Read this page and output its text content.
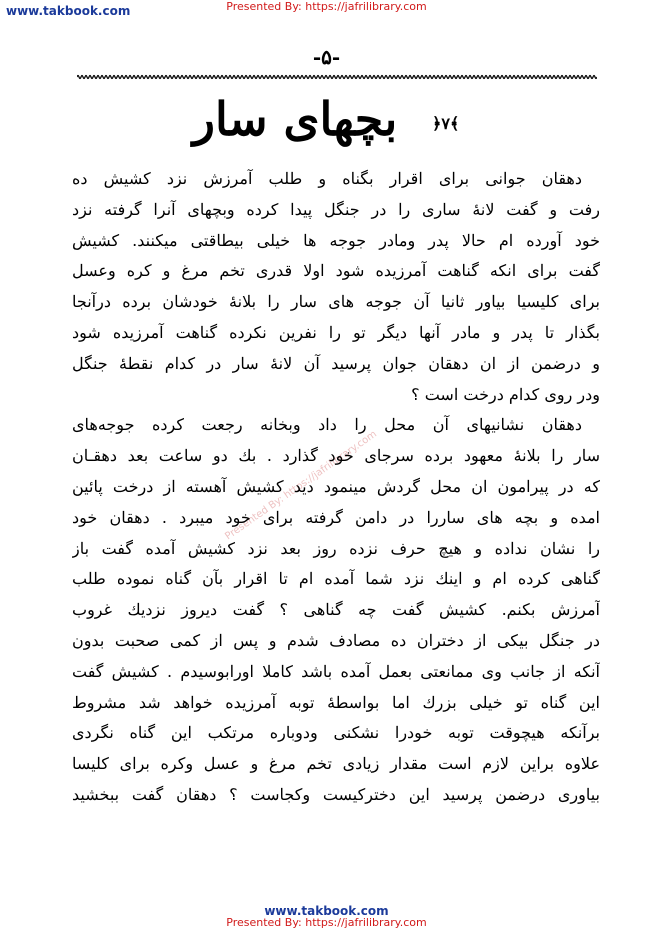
www.takbook.com	Presented By: https://jafrilibrary.com
-۵-
بچهای سار	﴿۷﴾
Presented By: https://jafrilibrary.com
دهقان جوانی برای اقرار بگناه و طلب آمرزش نزد کشیش ده
رفت و گفت لانهٔ ساری را در جنگل پیدا کرده وبچهای آنرا گرفته نزد
خود آورده ام حالا پدر ومادر جوجه ها خیلی بیطاقتی میکنند. کشیش
گفت برای انکه گناهت آمرزیده شود اولا قدری تخم مرغ و کره وعسل
برای کلیسیا بیاور ثانیا آن جوجه های سار را بلانهٔ خودشان برده درآنجا
بگذار تا پدر و مادر آنها دیگر تو را نفرین نکرده گناهت آمرزیده شود
و درضمن از ان دهقان جوان پرسید آن لانهٔ سار در کدام نقطهٔ جنگل
ودر روی کدام درخت است ؟
دهقان نشانیهای آن محل را داد وبخانه رجعت کرده جوجه‌های
سار را بلانهٔ معهود برده سرجای خود گذارد . بك دو ساعت بعد دهقـان
که در پیرامون ان محل گردش مینمود دید کشیش آهسته از درخت پائین
امده و بچه های ساررا در دامن گرفته برای خود میبرد . دهقان خود
را نشان نداده و هیچ حرف نزده روز بعد نزد کشیش آمده گفت باز
گناهی کرده ام و اینك نزد شما آمده ام تا اقرار بآن گناه نموده طلب
آمرزش بکنم. کشیش گفت چه گناهی ؟ گفت دیروز نزدیك غروب
در جنگل بیکی از دختران ده مصادف شدم و پس از کمی صحبت بدون
آنکه از جانب وی ممانعتی بعمل آمده باشد کاملا اورابوسیدم . کشیش گفت
این گناه تو خیلی بزرك اما بواسطهٔ توبه آمرزیده خواهد شد مشروط
برآنکه هیچوقت توبه خودرا نشکنی ودوباره مرتکب این گناه نگردی
علاوه براین لازم است مقدار زیادی تخم مرغ و عسل وکره برای کلیسا
بیاوری درضمن پرسید این دخترکیست وکجاست ؟ دهقان گفت ببخشید
www.takbook.com
Presented By: https://jafrilibrary.com
